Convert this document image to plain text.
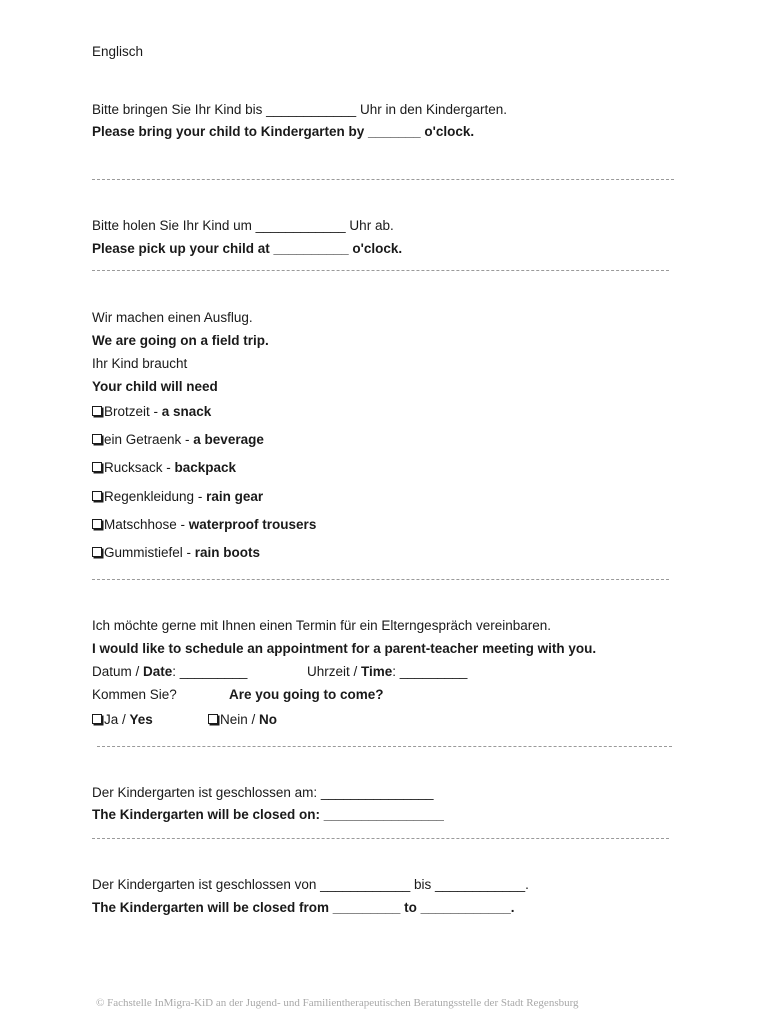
Englisch
Bitte bringen Sie Ihr Kind bis ____________ Uhr in den Kindergarten.
Please bring your child to Kindergarten by _______ o'clock.
Bitte holen Sie Ihr Kind um ____________ Uhr ab.
Please pick up your child at __________ o'clock.
Wir machen einen Ausflug.
We are going on a field trip.
Ihr Kind braucht
Your child will need
Brotzeit - a snack
ein Getraenk - a beverage
Rucksack - backpack
Regenkleidung - rain gear
Matschhose - waterproof trousers
Gummistiefel - rain boots
Ich möchte gerne mit Ihnen einen Termin für ein Elterngespräch vereinbaren.
I would like to schedule an appointment for a parent-teacher meeting with you.
Datum / Date: _________	Uhrzeit / Time: _________
Kommen Sie?	Are you going to come?
Ja / Yes	Nein / No
Der Kindergarten ist geschlossen am: _______________
The Kindergarten will be closed on: ________________
Der Kindergarten ist geschlossen von ____________ bis ____________.
The Kindergarten will be closed from _________ to ____________.
© Fachstelle InMigra-KiD an der Jugend- und Familientherapeutischen Beratungsstelle der Stadt Regensburg
